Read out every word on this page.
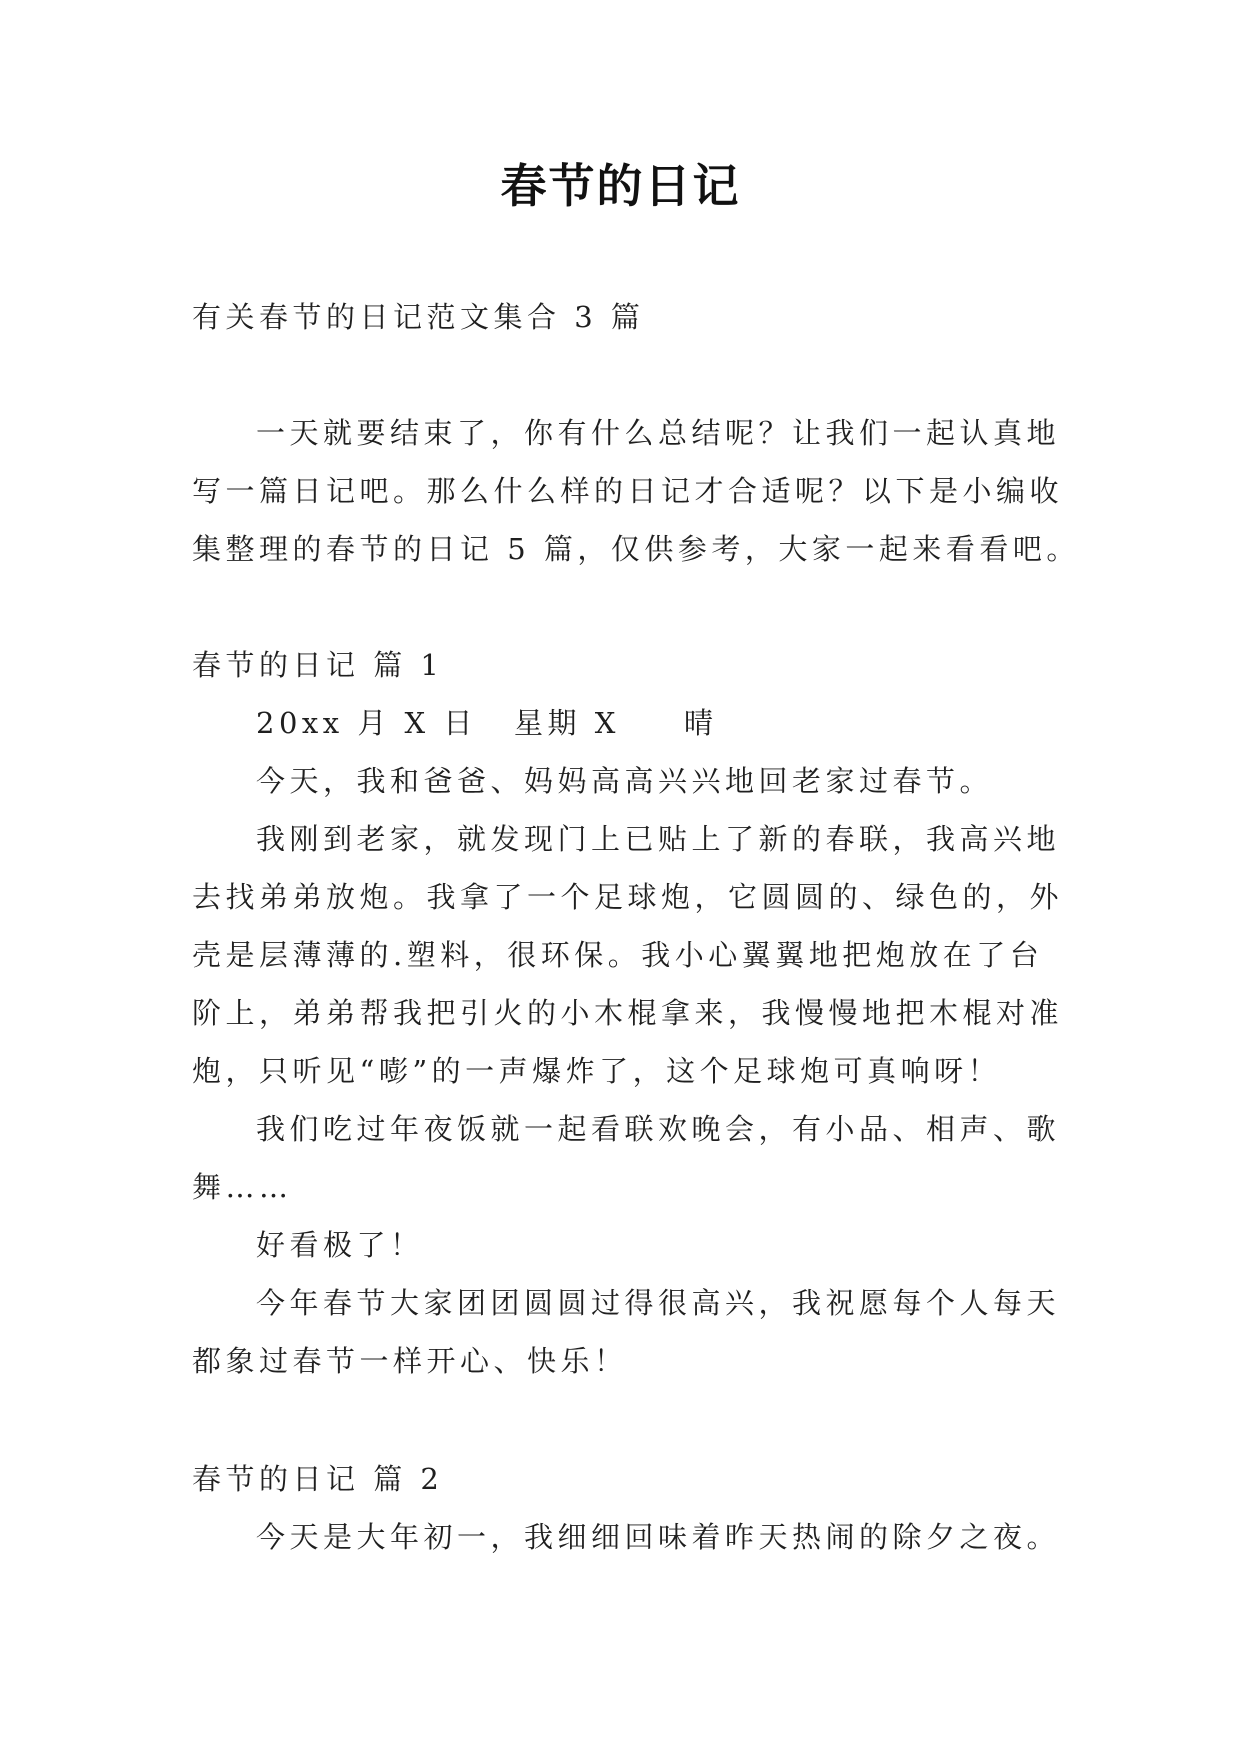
春节的日记
有关春节的日记范文集合 3 篇
一天就要结束了，你有什么总结呢？让我们一起认真地
写一篇日记吧。那么什么样的日记才合适呢？以下是小编收
集整理的春节的日记 5 篇，仅供参考，大家一起来看看吧。
春节的日记 篇 1
20xx 月 X 日 星期 X 晴
今天，我和爸爸、妈妈高高兴兴地回老家过春节。
我刚到老家，就发现门上已贴上了新的春联，我高兴地
去找弟弟放炮。我拿了一个足球炮，它圆圆的、绿色的，外
壳是层薄薄的.塑料，很环保。我小心翼翼地把炮放在了台
阶上，弟弟帮我把引火的小木棍拿来，我慢慢地把木棍对准
炮，只听见“嘭”的一声爆炸了，这个足球炮可真响呀！
我们吃过年夜饭就一起看联欢晚会，有小品、相声、歌
舞……
好看极了！
今年春节大家团团圆圆过得很高兴，我祝愿每个人每天
都象过春节一样开心、快乐！
春节的日记 篇 2
今天是大年初一，我细细回味着昨天热闹的除夕之夜。
